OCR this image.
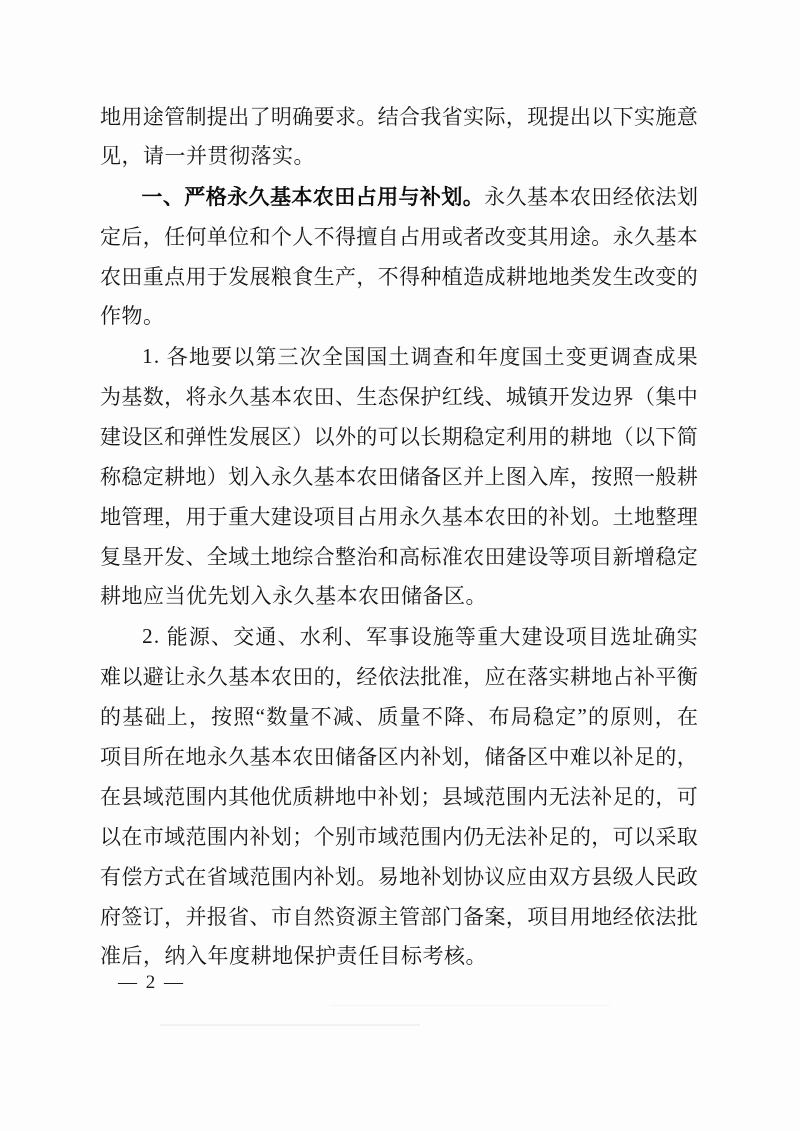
地 用 途 管 制 提 出 了 明 确 要 求 。 结 合 我 省 实 际 ， 现 提 出 以 下 实 施 意
见，请一并贯彻落实。
一 、 严 格 永 久 基 本 农 田 占 用 与 补 划 。 永 久 基 本 农 田 经 依 法 划
定 后 ， 任 何 单 位 和 个 人 不 得 擅 自 占 用 或 者 改 变 其 用 途 。 永 久 基 本
农 田 重 点 用 于 发 展 粮 食 生 产 ， 不 得 种 植 造 成 耕 地 地 类 发 生 改 变 的
作物。
1 .
各 地 要 以 第 三 次 全 国 国 土 调 查 和 年 度 国 土 变 更 调 查 成 果
为 基 数 ， 将 永 久 基 本 农 田 、 生 态 保 护 红 线 、 城 镇 开 发 边 界 （ 集 中
建 设 区 和 弹 性 发 展 区 ） 以 外 的 可 以 长 期 稳 定 利 用 的 耕 地 （ 以 下 简
称 稳 定 耕 地 ） 划 入 永 久 基 本 农 田 储 备 区 并 上 图 入 库 ， 按 照 一 般 耕
地 管 理 ， 用 于 重 大 建 设 项 目 占 用 永 久 基 本 农 田 的 补 划 。 土 地 整 理
复 垦 开 发 、 全 域 土 地 综 合 整 治 和 高 标 准 农 田 建 设 等 项 目 新 增 稳 定
耕地应当优先划入永久基本农田储备区。
2 .
能 源 、 交 通 、 水 利 、 军 事 设 施 等 重 大 建 设 项 目 选 址 确 实
难 以 避 让 永 久 基 本 农 田 的 ， 经 依 法 批 准 ， 应 在 落 实 耕 地 占 补 平 衡
的 基 础 上 ， 按 照 “ 数 量 不 减 、 质 量 不 降 、 布 局 稳 定 ” 的 原 则 ， 在
项 目 所 在 地 永 久 基 本 农 田 储 备 区 内 补 划 ， 储 备 区 中 难 以 补 足 的 ，
在 县 域 范 围 内 其 他 优 质 耕 地 中 补 划 ； 县 域 范 围 内 无 法 补 足 的 ， 可
以 在 市 域 范 围 内 补 划 ； 个 别 市 域 范 围 内 仍 无 法 补 足 的 ， 可 以 采 取
有 偿 方 式 在 省 域 范 围 内 补 划 。 易 地 补 划 协 议 应 由 双 方 县 级 人 民 政
府 签 订 ， 并 报 省 、 市 自 然 资 源 主 管 部 门 备 案 ， 项 目 用 地 经 依 法 批
准后，纳入年度耕地保护责任目标考核。
— 2 —
